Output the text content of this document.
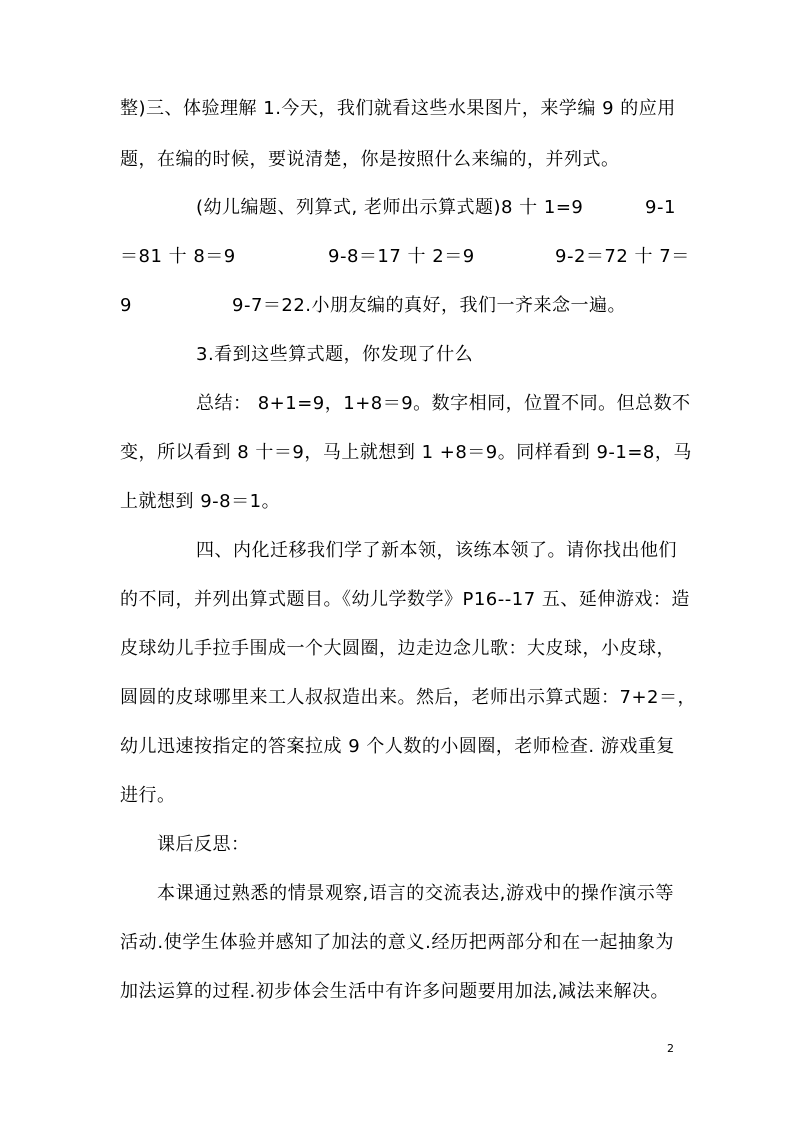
整)三、体验理解 1.今天，我们就看这些水果图片，来学编 9 的应用
题，在编的时候，要说清楚，你是按照什么来编的，并列式。
(幼儿编题、列算式, 老师出示算式题)8 十 1=9	9-1
＝81 十 8＝9	9-8＝17 十 2＝9	9-2＝72 十 7＝
9	9-7＝22.小朋友编的真好，我们一齐来念一遍。
3.看到这些算式题，你发现了什么
总结： 8+1=9，1+8＝9。数字相同，位置不同。但总数不
变，所以看到 8 十＝9，马上就想到 1 +8＝9。同样看到 9-1=8，马
上就想到 9-8＝1。
四、内化迁移我们学了新本领，该练本领了。请你找出他们
的不同，并列出算式题目。《幼儿学数学》P16--17 五、延伸游戏：造
皮球幼儿手拉手围成一个大圆圈，边走边念儿歌：大皮球，小皮球，
圆圆的皮球哪里来工人叔叔造出来。然后，老师出示算式题：7+2＝，
幼儿迅速按指定的答案拉成 9 个人数的小圆圈，老师检查. 游戏重复
进行。
课后反思：
本课通过熟悉的情景观察,语言的交流表达,游戏中的操作演示等
活动.使学生体验并感知了加法的意义.经历把两部分和在一起抽象为
加法运算的过程.初步体会生活中有许多问题要用加法,减法来解决。
2
